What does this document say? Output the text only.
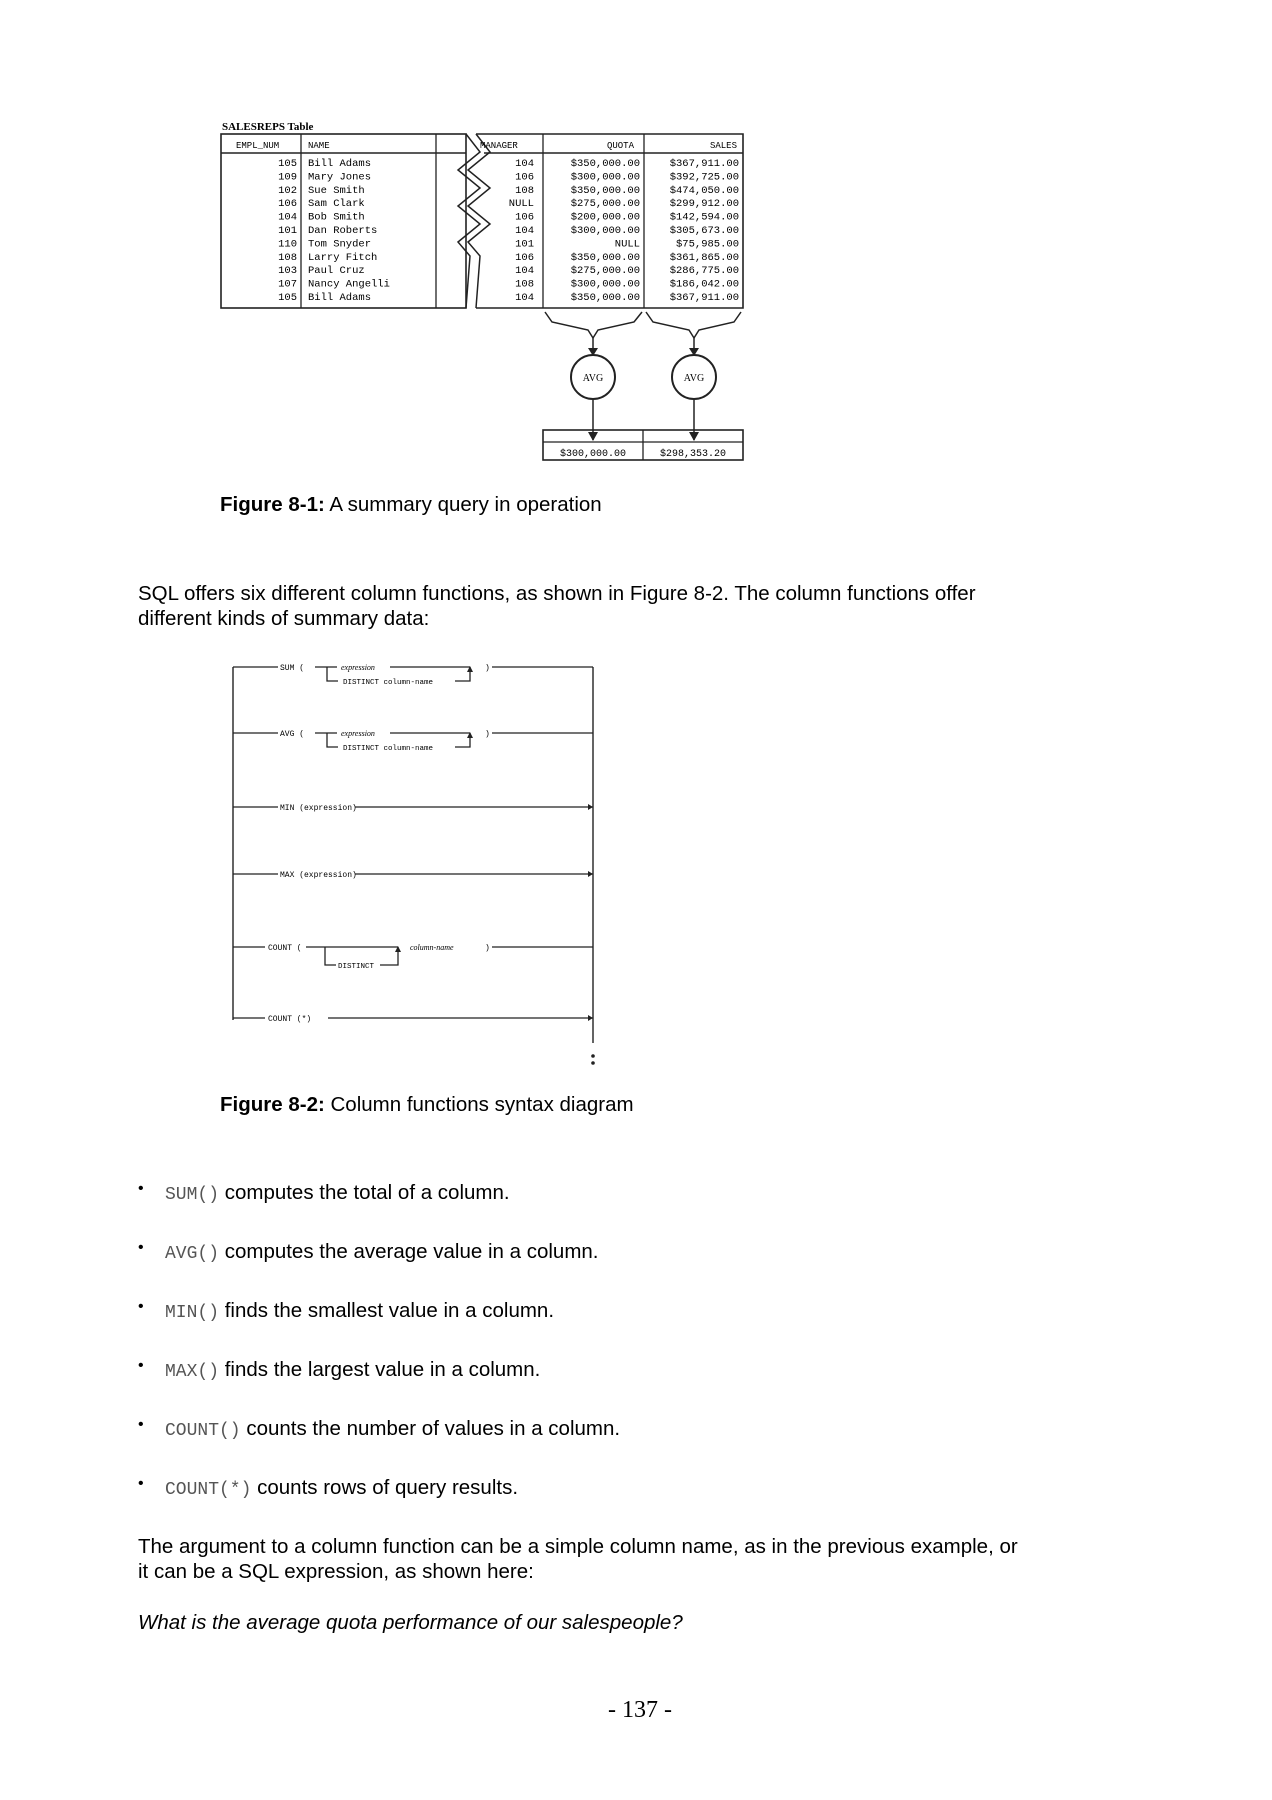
SALESREPS Table
EMPL_NUM	NAME	MANAGER	QUOTA	SALES
105 Bill Adams	104	$350,000.00	$367,911.00
109 Mary Jones	106	$300,000.00	$392,725.00
102 Sue Smith	108	$350,000.00	$474,050.00
106 Sam Clark	NULL	$275,000.00	$299,912.00
104 Bob Smith	106	$200,000.00	$142,594.00
101 Dan Roberts	104	$300,000.00	$305,673.00
110 Tom Snyder	101	NULL	$75,985.00
108 Larry Fitch	106	$350,000.00	$361,865.00
103 Paul Cruz	104	$275,000.00	$286,775.00
107 Nancy Angelli	108	$300,000.00	$186,042.00
105 Bill Adams	104	$350,000.00	$367,911.00
AVG	AVG
$300,000.00	$298,353.20
Figure 8-1: A summary query in operation
SQL offers six different column functions, as shown in Figure 8-2. The column functions offer different kinds of summary data:
SUM (	expression
DISTINCT column-name
)
AVG (	expression
DISTINCT column-name
)
MIN (expression)
MAX (expression)
COUNT (
DISTINCT
column-name	)
COUNT (*)
Figure 8-2: Column functions syntax diagram
• SUM() computes the total of a column.
• AVG() computes the average value in a column.
• MIN() finds the smallest value in a column.
• MAX() finds the largest value in a column.
• COUNT() counts the number of values in a column.
• COUNT(*) counts rows of query results.
The argument to a column function can be a simple column name, as in the previous example, or it can be a SQL expression, as shown here:
What is the average quota performance of our salespeople?
- 137 -
